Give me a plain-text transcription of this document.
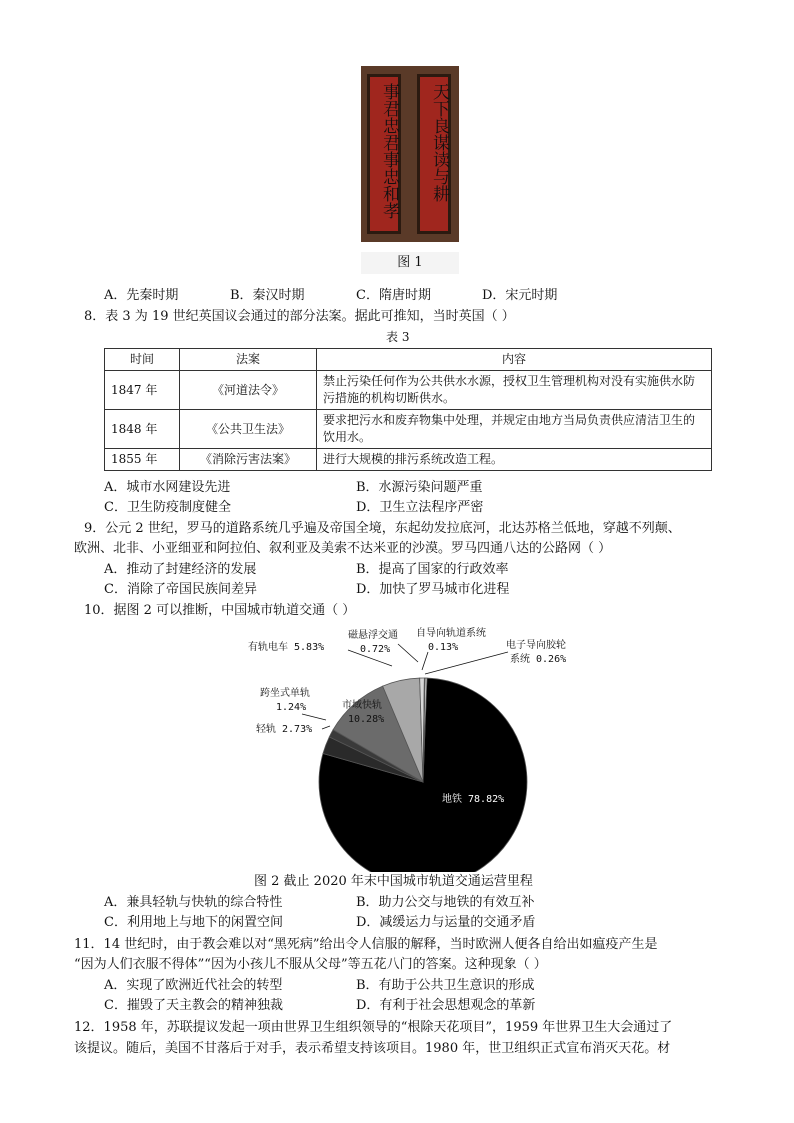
事君忠君事忠和孝	天下良谋读与耕
图 1
A．先秦时期	B．秦汉时期	C．隋唐时期	D．宋元时期
8．表 3 为 19 世纪英国议会通过的部分法案。据此可推知，当时英国（ ）
表 3
时间	法案	内容
1847 年	《河道法令》	禁止污染任何作为公共供水水源，授权卫生管理机构对没有实施供水防污措施的机构切断供水。
1848 年	《公共卫生法》	要求把污水和废弃物集中处理，并规定由地方当局负责供应清洁卫生的饮用水。
1855 年	《消除污害法案》	进行大规模的排污系统改造工程。
A．城市水网建设先进	B．水源污染问题严重
C．卫生防疫制度健全	D．卫生立法程序严密
9．公元 2 世纪，罗马的道路系统几乎遍及帝国全境，东起幼发拉底河，北达苏格兰低地，穿越不列颠、
欧洲、北非、小亚细亚和阿拉伯、叙利亚及美索不达米亚的沙漠。罗马四通八达的公路网（ ）
A．推动了封建经济的发展	B．提高了国家的行政效率
C．消除了帝国民族间差异	D．加快了罗马城市化进程
10．据图 2 可以推断，中国城市轨道交通（ ）
地铁 78.82%
轻轨 2.73%
跨坐式单轨
1.24%	市域快轨
10.28%
有轨电车 5.83%
磁悬浮交通
0.72%
自导向轨道系统
0.13%	电子导向胶轮
系统 0.26%
图 2 截止 2020 年末中国城市轨道交通运营里程
A．兼具轻轨与快轨的综合特性	B．助力公交与地铁的有效互补
C．利用地上与地下的闲置空间	D．减缓运力与运量的交通矛盾
11．14 世纪时，由于教会难以对“黑死病”给出令人信服的解释，当时欧洲人便各自给出如瘟疫产生是
“因为人们衣服不得体”“因为小孩儿不服从父母”等五花八门的答案。这种现象（ ）
A．实现了欧洲近代社会的转型	B．有助于公共卫生意识的形成
C．摧毁了天主教会的精神独裁	D．有利于社会思想观念的革新
12．1958 年，苏联提议发起一项由世界卫生组织领导的“根除天花项目”，1959 年世界卫生大会通过了
该提议。随后，美国不甘落后于对手，表示希望支持该项目。1980 年，世卫组织正式宣布消灭天花。材
